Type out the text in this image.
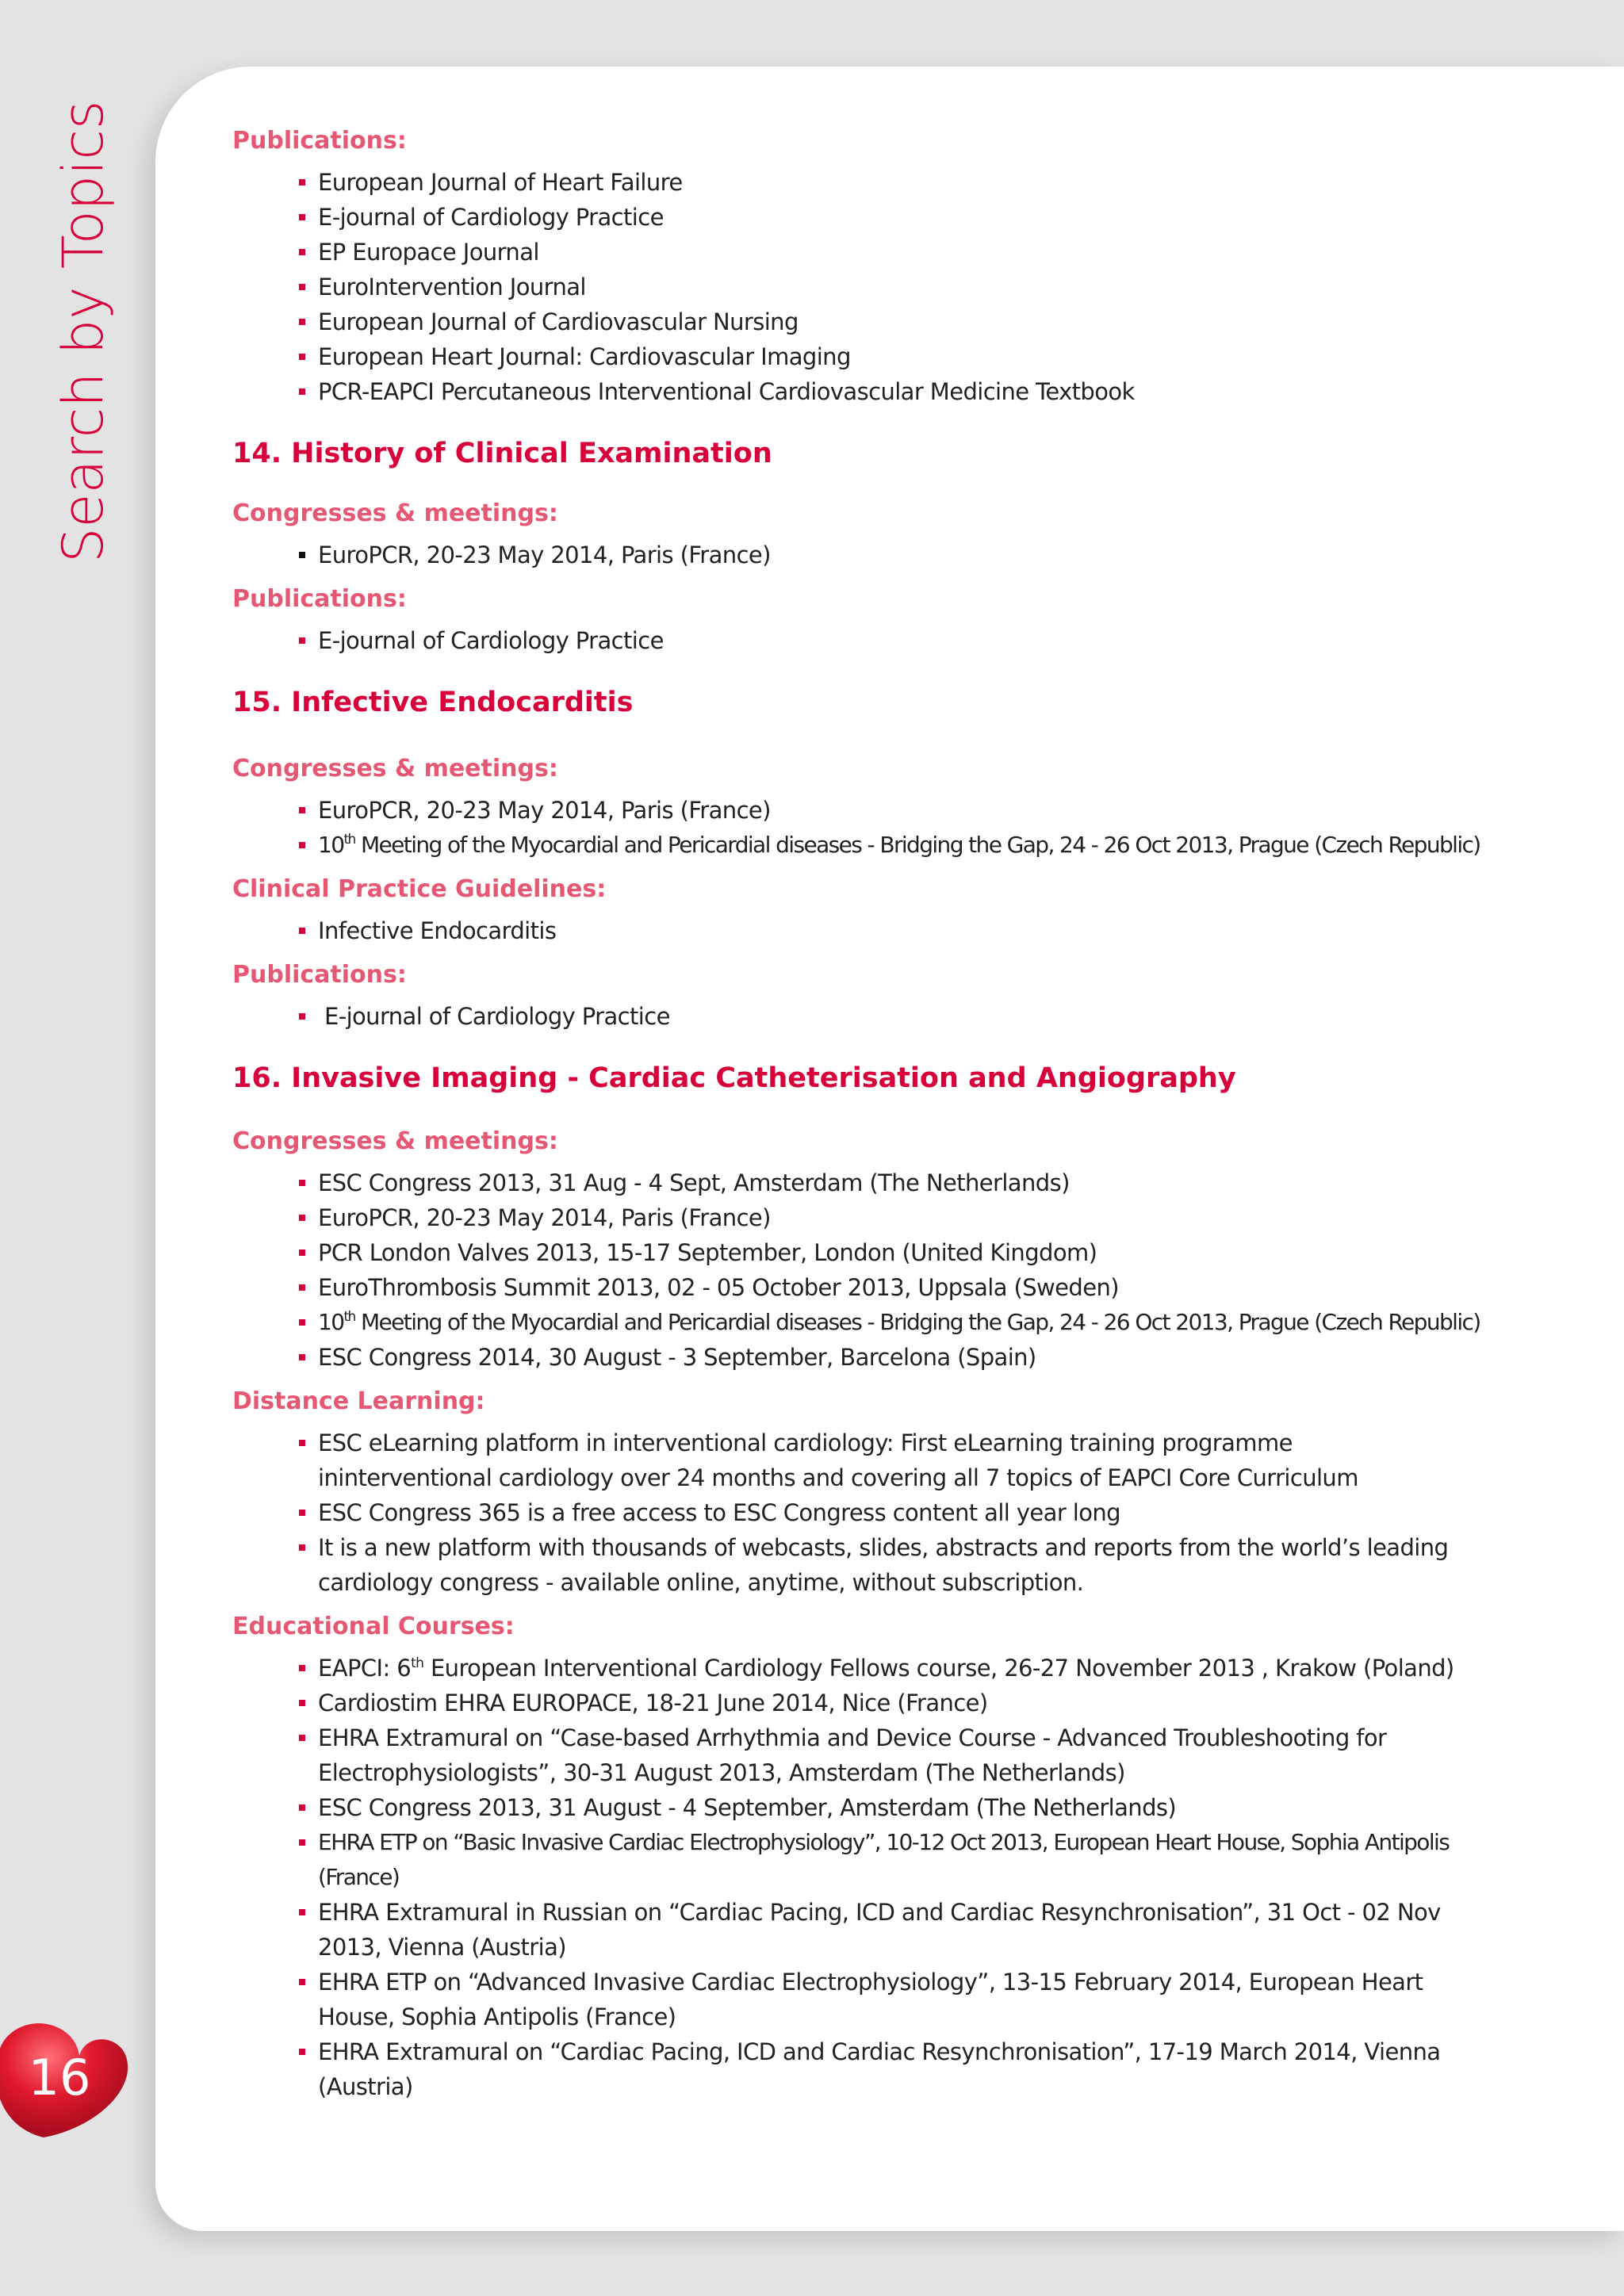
Search by Topics
16

Publications:

European Journal of Heart Failure
E-journal of Cardiology Practice
EP Europace Journal
EuroIntervention Journal
European Journal of Cardiovascular Nursing
European Heart Journal: Cardiovascular Imaging
PCR-EAPCI Percutaneous Interventional Cardiovascular Medicine Textbook
14. History of Clinical Examination

Congresses & meetings:

EuroPCR, 20-23 May 2014, Paris (France)

Publications:

E-journal of Cardiology Practice
15. Infective Endocarditis

Congresses & meetings:

EuroPCR, 20-23 May 2014, Paris (France)
10th Meeting of the Myocardial and Pericardial diseases - Bridging the Gap, 24 - 26 Oct 2013, Prague (Czech Republic)

Clinical Practice Guidelines:

Infective Endocarditis

Publications:

E-journal of Cardiology Practice
16. Invasive Imaging - Cardiac Catheterisation and Angiography

Congresses & meetings:

ESC Congress 2013, 31 Aug - 4 Sept, Amsterdam (The Netherlands)
EuroPCR, 20-23 May 2014, Paris (France)
PCR London Valves 2013, 15-17 September, London (United Kingdom)
EuroThrombosis Summit 2013, 02 - 05 October 2013, Uppsala (Sweden)
10th Meeting of the Myocardial and Pericardial diseases - Bridging the Gap, 24 - 26 Oct 2013, Prague (Czech Republic)
ESC Congress 2014, 30 August - 3 September, Barcelona (Spain)

Distance Learning:

ESC eLearning platform in interventional cardiology: First eLearning training programme ininterventional cardiology over 24 months and covering all 7 topics of EAPCI Core Curriculum
ESC Congress 365 is a free access to ESC Congress content all year long
It is a new platform with thousands of webcasts, slides, abstracts and reports from the world’s leading cardiology congress - available online, anytime, without subscription.

Educational Courses:

EAPCI: 6th European Interventional Cardiology Fellows course, 26-27 November 2013 , Krakow (Poland)
Cardiostim EHRA EUROPACE, 18-21 June 2014, Nice (France)
EHRA Extramural on “Case-based Arrhythmia and Device Course - Advanced Troubleshooting for Electrophysiologists”, 30-31 August 2013, Amsterdam (The Netherlands)
ESC Congress 2013, 31 August - 4 September, Amsterdam (The Netherlands)
EHRA ETP on “Basic Invasive Cardiac Electrophysiology”, 10-12 Oct 2013, European Heart House, Sophia Antipolis (France)
EHRA Extramural in Russian on “Cardiac Pacing, ICD and Cardiac Resynchronisation”, 31 Oct - 02 Nov 2013, Vienna (Austria)
EHRA ETP on “Advanced Invasive Cardiac Electrophysiology”, 13-15 February 2014, European Heart House, Sophia Antipolis (France)
EHRA Extramural on “Cardiac Pacing, ICD and Cardiac Resynchronisation”, 17-19 March 2014, Vienna (Austria)
